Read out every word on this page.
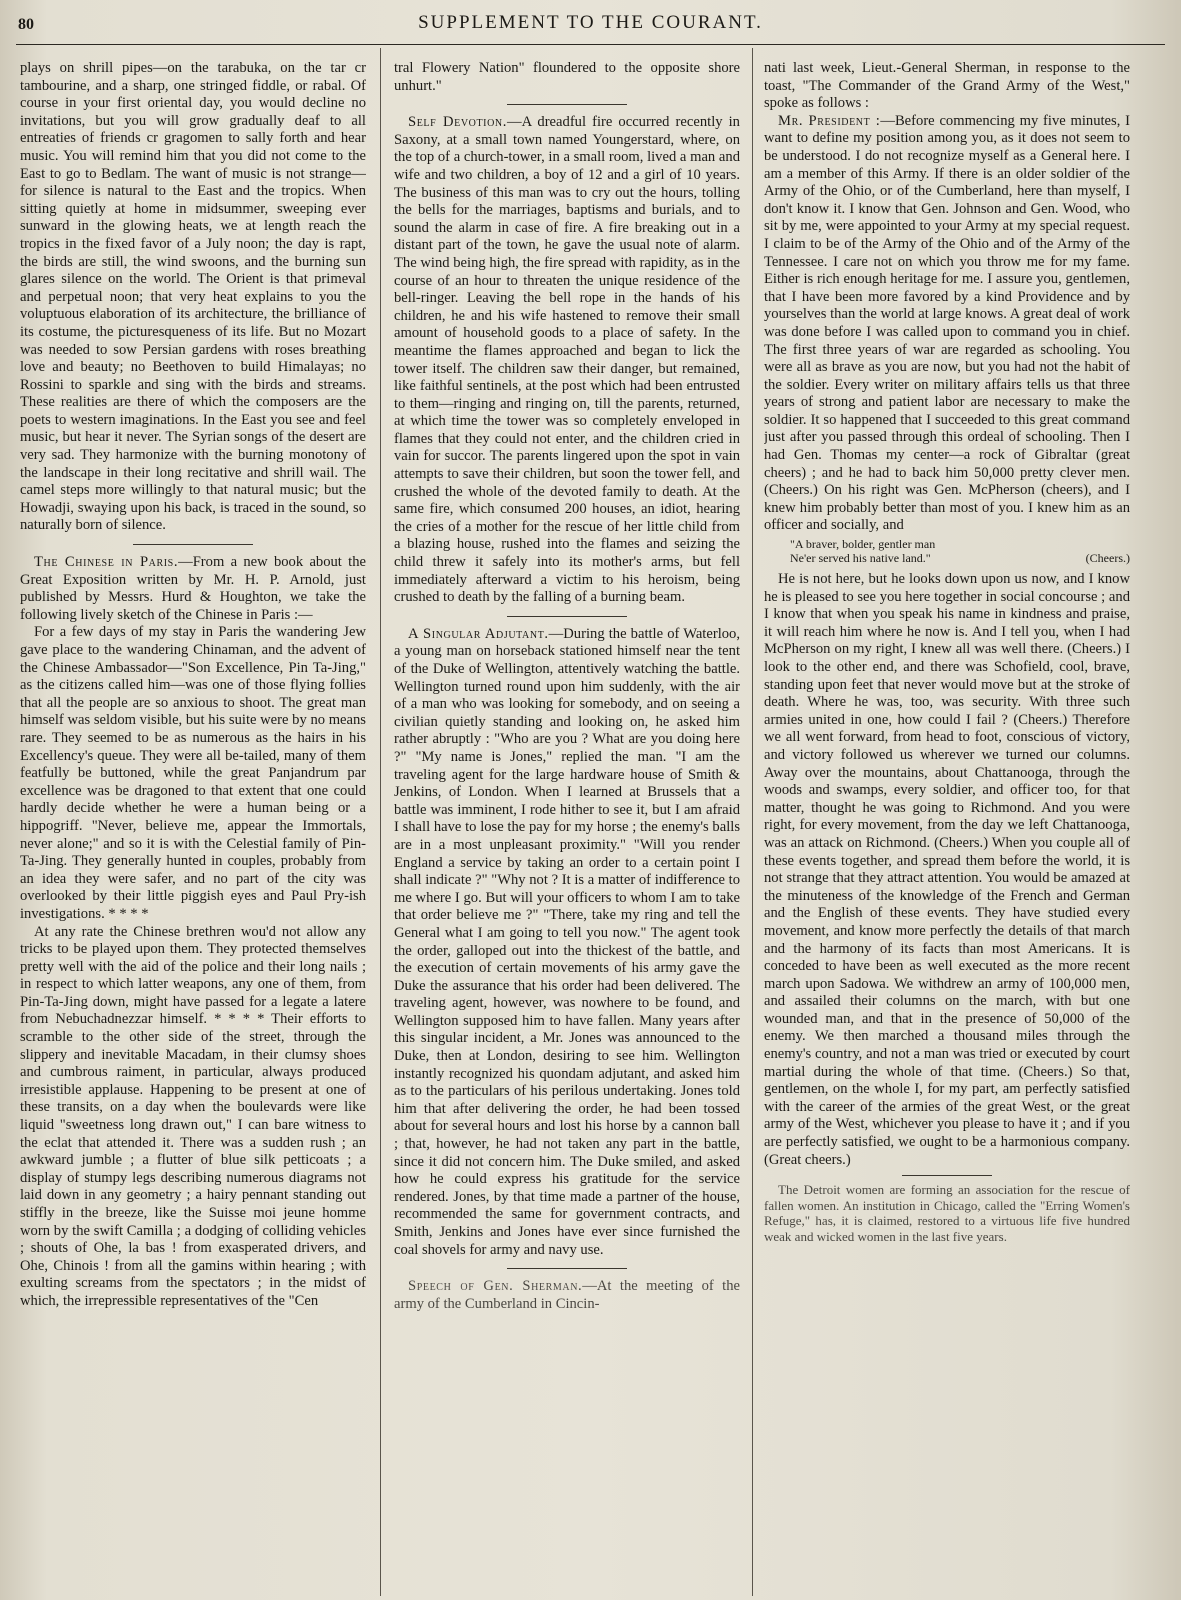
80	SUPPLEMENT TO THE COURANT.

plays on shrill pipes—on the tarabuka, on the tar cr tambourine, and a sharp, one stringed fiddle, or rabal. Of course in your first oriental day, you would decline no invitations, but you will grow gradually deaf to all entreaties of friends cr gragomen to sally forth and hear music. You will remind him that you did not come to the East to go to Bedlam. The want of music is not strange—for silence is natural to the East and the tropics. When sitting quietly at home in midsummer, sweeping ever sunward in the glowing heats, we at length reach the tropics in the fixed favor of a July noon; the day is rapt, the birds are still, the wind swoons, and the burning sun glares silence on the world. The Orient is that primeval and perpetual noon; that very heat explains to you the voluptuous elaboration of its architecture, the brilliance of its costume, the picturesqueness of its life. But no Mozart was needed to sow Persian gardens with roses breathing love and beauty; no Beethoven to build Himalayas; no Rossini to sparkle and sing with the birds and streams. These realities are there of which the composers are the poets to western imaginations. In the East you see and feel music, but hear it never. The Syrian songs of the desert are very sad. They harmonize with the burning monotony of the landscape in their long recitative and shrill wail. The camel steps more willingly to that natural music; but the Howadji, swaying upon his back, is traced in the sound, so naturally born of silence.

The Chinese in Paris.—From a new book about the Great Exposition written by Mr. H. P. Arnold, just published by Messrs. Hurd & Houghton, we take the following lively sketch of the Chinese in Paris :—

For a few days of my stay in Paris the wandering Jew gave place to the wandering Chinaman, and the advent of the Chinese Ambassador—"Son Excellence, Pin Ta-Jing," as the citizens called him—was one of those flying follies that all the people are so anxious to shoot. The great man himself was seldom visible, but his suite were by no means rare. They seemed to be as numerous as the hairs in his Excellency's queue. They were all be-tailed, many of them featfully be buttoned, while the great Panjandrum par excellence was be dragoned to that extent that one could hardly decide whether he were a human being or a hippogriff. "Never, believe me, appear the Immortals, never alone;" and so it is with the Celestial family of Pin-Ta-Jing. They generally hunted in couples, probably from an idea they were safer, and no part of the city was overlooked by their little piggish eyes and Paul Pry-ish investigations. * * * *

At any rate the Chinese brethren wou'd not allow any tricks to be played upon them. They protected themselves pretty well with the aid of the police and their long nails ; in respect to which latter weapons, any one of them, from Pin-Ta-Jing down, might have passed for a legate a latere from Nebuchadnezzar himself. * * * * Their efforts to scramble to the other side of the street, through the slippery and inevitable Macadam, in their clumsy shoes and cumbrous raiment, in particular, always produced irresistible applause. Happening to be present at one of these transits, on a day when the boulevards were like liquid "sweetness long drawn out," I can bare witness to the eclat that attended it. There was a sudden rush ; an awkward jumble ; a flutter of blue silk petticoats ; a display of stumpy legs describing numerous diagrams not laid down in any geometry ; a hairy pennant standing out stiffly in the breeze, like the Suisse moi jeune homme worn by the swift Camilla ; a dodging of colliding vehicles ; shouts of Ohe, la bas ! from exasperated drivers, and Ohe, Chinois ! from all the gamins within hearing ; with exulting screams from the spectators ; in the midst of which, the irrepressible representatives of the "Cen

tral Flowery Nation" floundered to the opposite shore unhurt."

Self Devotion.—A dreadful fire occurred recently in Saxony, at a small town named Youngerstard, where, on the top of a church-tower, in a small room, lived a man and wife and two children, a boy of 12 and a girl of 10 years. The business of this man was to cry out the hours, tolling the bells for the marriages, baptisms and burials, and to sound the alarm in case of fire. A fire breaking out in a distant part of the town, he gave the usual note of alarm. The wind being high, the fire spread with rapidity, as in the course of an hour to threaten the unique residence of the bell-ringer. Leaving the bell rope in the hands of his children, he and his wife hastened to remove their small amount of household goods to a place of safety. In the meantime the flames approached and began to lick the tower itself. The children saw their danger, but remained, like faithful sentinels, at the post which had been entrusted to them—ringing and ringing on, till the parents, returned, at which time the tower was so completely enveloped in flames that they could not enter, and the children cried in vain for succor. The parents lingered upon the spot in vain attempts to save their children, but soon the tower fell, and crushed the whole of the devoted family to death. At the same fire, which consumed 200 houses, an idiot, hearing the cries of a mother for the rescue of her little child from a blazing house, rushed into the flames and seizing the child threw it safely into its mother's arms, but fell immediately afterward a victim to his heroism, being crushed to death by the falling of a burning beam.

A Singular Adjutant.—During the battle of Waterloo, a young man on horseback stationed himself near the tent of the Duke of Wellington, attentively watching the battle. Wellington turned round upon him suddenly, with the air of a man who was looking for somebody, and on seeing a civilian quietly standing and looking on, he asked him rather abruptly : "Who are you ? What are you doing here ?" "My name is Jones," replied the man. "I am the traveling agent for the large hardware house of Smith & Jenkins, of London. When I learned at Brussels that a battle was imminent, I rode hither to see it, but I am afraid I shall have to lose the pay for my horse ; the enemy's balls are in a most unpleasant proximity." "Will you render England a service by taking an order to a certain point I shall indicate ?" "Why not ? It is a matter of indifference to me where I go. But will your officers to whom I am to take that order believe me ?" "There, take my ring and tell the General what I am going to tell you now." The agent took the order, galloped out into the thickest of the battle, and the execution of certain movements of his army gave the Duke the assurance that his order had been delivered. The traveling agent, however, was nowhere to be found, and Wellington supposed him to have fallen. Many years after this singular incident, a Mr. Jones was announced to the Duke, then at London, desiring to see him. Wellington instantly recognized his quondam adjutant, and asked him as to the particulars of his perilous undertaking. Jones told him that after delivering the order, he had been tossed about for several hours and lost his horse by a cannon ball ; that, however, he had not taken any part in the battle, since it did not concern him. The Duke smiled, and asked how he could express his gratitude for the service rendered. Jones, by that time made a partner of the house, recommended the same for government contracts, and Smith, Jenkins and Jones have ever since furnished the coal shovels for army and navy use.

Speech of Gen. Sherman.—At the meeting of the army of the Cumberland in Cincin-

nati last week, Lieut.-General Sherman, in response to the toast, "The Commander of the Grand Army of the West," spoke as follows :

Mr. President :—Before commencing my five minutes, I want to define my position among you, as it does not seem to be understood. I do not recognize myself as a General here. I am a member of this Army. If there is an older soldier of the Army of the Ohio, or of the Cumberland, here than myself, I don't know it. I know that Gen. Johnson and Gen. Wood, who sit by me, were appointed to your Army at my special request. I claim to be of the Army of the Ohio and of the Army of the Tennessee. I care not on which you throw me for my fame. Either is rich enough heritage for me. I assure you, gentlemen, that I have been more favored by a kind Providence and by yourselves than the world at large knows. A great deal of work was done before I was called upon to command you in chief. The first three years of war are regarded as schooling. You were all as brave as you are now, but you had not the habit of the soldier. Every writer on military affairs tells us that three years of strong and patient labor are necessary to make the soldier. It so happened that I succeeded to this great command just after you passed through this ordeal of schooling. Then I had Gen. Thomas my center—a rock of Gibraltar (great cheers) ; and he had to back him 50,000 pretty clever men. (Cheers.) On his right was Gen. McPherson (cheers), and I knew him probably better than most of you. I knew him as an officer and socially, and

"A braver, bolder, gentler man
Ne'er served his native land."	(Cheers.)

He is not here, but he looks down upon us now, and I know he is pleased to see you here together in social concourse ; and I know that when you speak his name in kindness and praise, it will reach him where he now is. And I tell you, when I had McPherson on my right, I knew all was well there. (Cheers.) I look to the other end, and there was Schofield, cool, brave, standing upon feet that never would move but at the stroke of death. Where he was, too, was security. With three such armies united in one, how could I fail ? (Cheers.) Therefore we all went forward, from head to foot, conscious of victory, and victory followed us wherever we turned our columns. Away over the mountains, about Chattanooga, through the woods and swamps, every soldier, and officer too, for that matter, thought he was going to Richmond. And you were right, for every movement, from the day we left Chattanooga, was an attack on Richmond. (Cheers.) When you couple all of these events together, and spread them before the world, it is not strange that they attract attention. You would be amazed at the minuteness of the knowledge of the French and German and the English of these events. They have studied every movement, and know more perfectly the details of that march and the harmony of its facts than most Americans. It is conceded to have been as well executed as the more recent march upon Sadowa. We withdrew an army of 100,000 men, and assailed their columns on the march, with but one wounded man, and that in the presence of 50,000 of the enemy. We then marched a thousand miles through the enemy's country, and not a man was tried or executed by court martial during the whole of that time. (Cheers.) So that, gentlemen, on the whole I, for my part, am perfectly satisfied with the career of the armies of the great West, or the great army of the West, whichever you please to have it ; and if you are perfectly satisfied, we ought to be a harmonious company. (Great cheers.)

The Detroit women are forming an association for the rescue of fallen women. An institution in Chicago, called the "Erring Women's Refuge," has, it is claimed, restored to a virtuous life five hundred weak and wicked women in the last five years.
